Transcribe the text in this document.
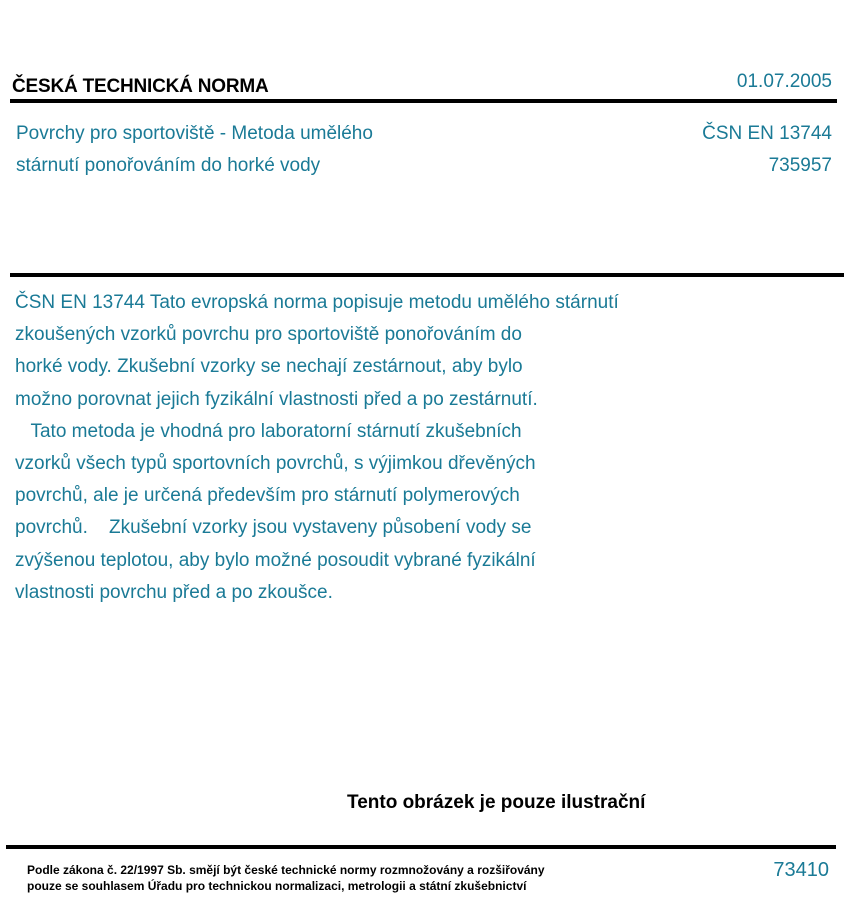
ČESKÁ TECHNICKÁ NORMA	01.07.2005
Povrchy pro sportoviště - Metoda umělého
stárnutí ponořováním do horké vody
ČSN EN 13744
735957

ČSN EN 13744 Tato evropská norma popisuje metodu umělého stárnutí

zkoušených vzorků povrchu pro sportoviště ponořováním do

horké vody. Zkušební vzorky se nechají zestárnout, aby bylo

možno porovnat jejich fyzikální vlastnosti před a po zestárnutí.

Tato metoda je vhodná pro laboratorní stárnutí zkušebních

vzorků všech typů sportovních povrchů, s výjimkou dřevěných

povrchů, ale je určená především pro stárnutí polymerových

povrchů.    Zkušební vzorky jsou vystaveny působení vody se

zvýšenou teplotou, aby bylo možné posoudit vybrané fyzikální

vlastnosti povrchu před a po zkoušce.

Tento obrázek je pouze ilustrační

Podle zákona č. 22/1997 Sb. smějí být české technické normy rozmnožovány a rozšiřovány

pouze se souhlasem Úřadu pro technickou normalizaci, metrologii a státní zkušebnictví

73410
